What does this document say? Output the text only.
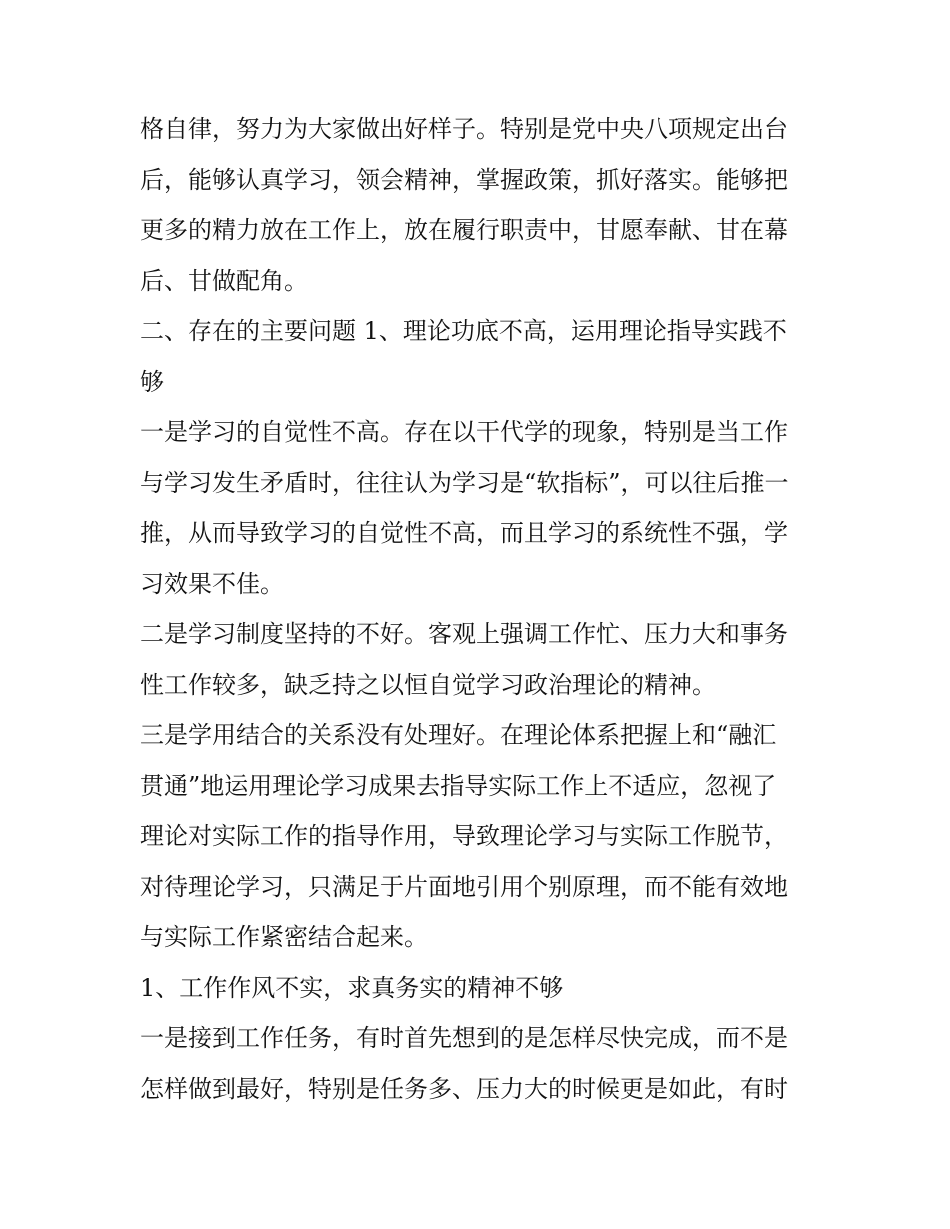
格自律，努力为大家做出好样子。特别是党中央八项规定出台
后，能够认真学习，领会精神，掌握政策，抓好落实。能够把
更多的精力放在工作上，放在履行职责中，甘愿奉献、甘在幕
后、甘做配角。
二、存在的主要问题 1、理论功底不高，运用理论指导实践不
够
一是学习的自觉性不高。存在以干代学的现象，特别是当工作
与学习发生矛盾时，往往认为学习是“软指标”，可以往后推一
推，从而导致学习的自觉性不高，而且学习的系统性不强，学
习效果不佳。
二是学习制度坚持的不好。客观上强调工作忙、压力大和事务
性工作较多，缺乏持之以恒自觉学习政治理论的精神。
三是学用结合的关系没有处理好。在理论体系把握上和“融汇
贯通”地运用理论学习成果去指导实际工作上不适应，忽视了
理论对实际工作的指导作用，导致理论学习与实际工作脱节，
对待理论学习，只满足于片面地引用个别原理，而不能有效地
与实际工作紧密结合起来。
1、工作作风不实，求真务实的精神不够
一是接到工作任务，有时首先想到的是怎样尽快完成，而不是
怎样做到最好，特别是任务多、压力大的时候更是如此，有时
